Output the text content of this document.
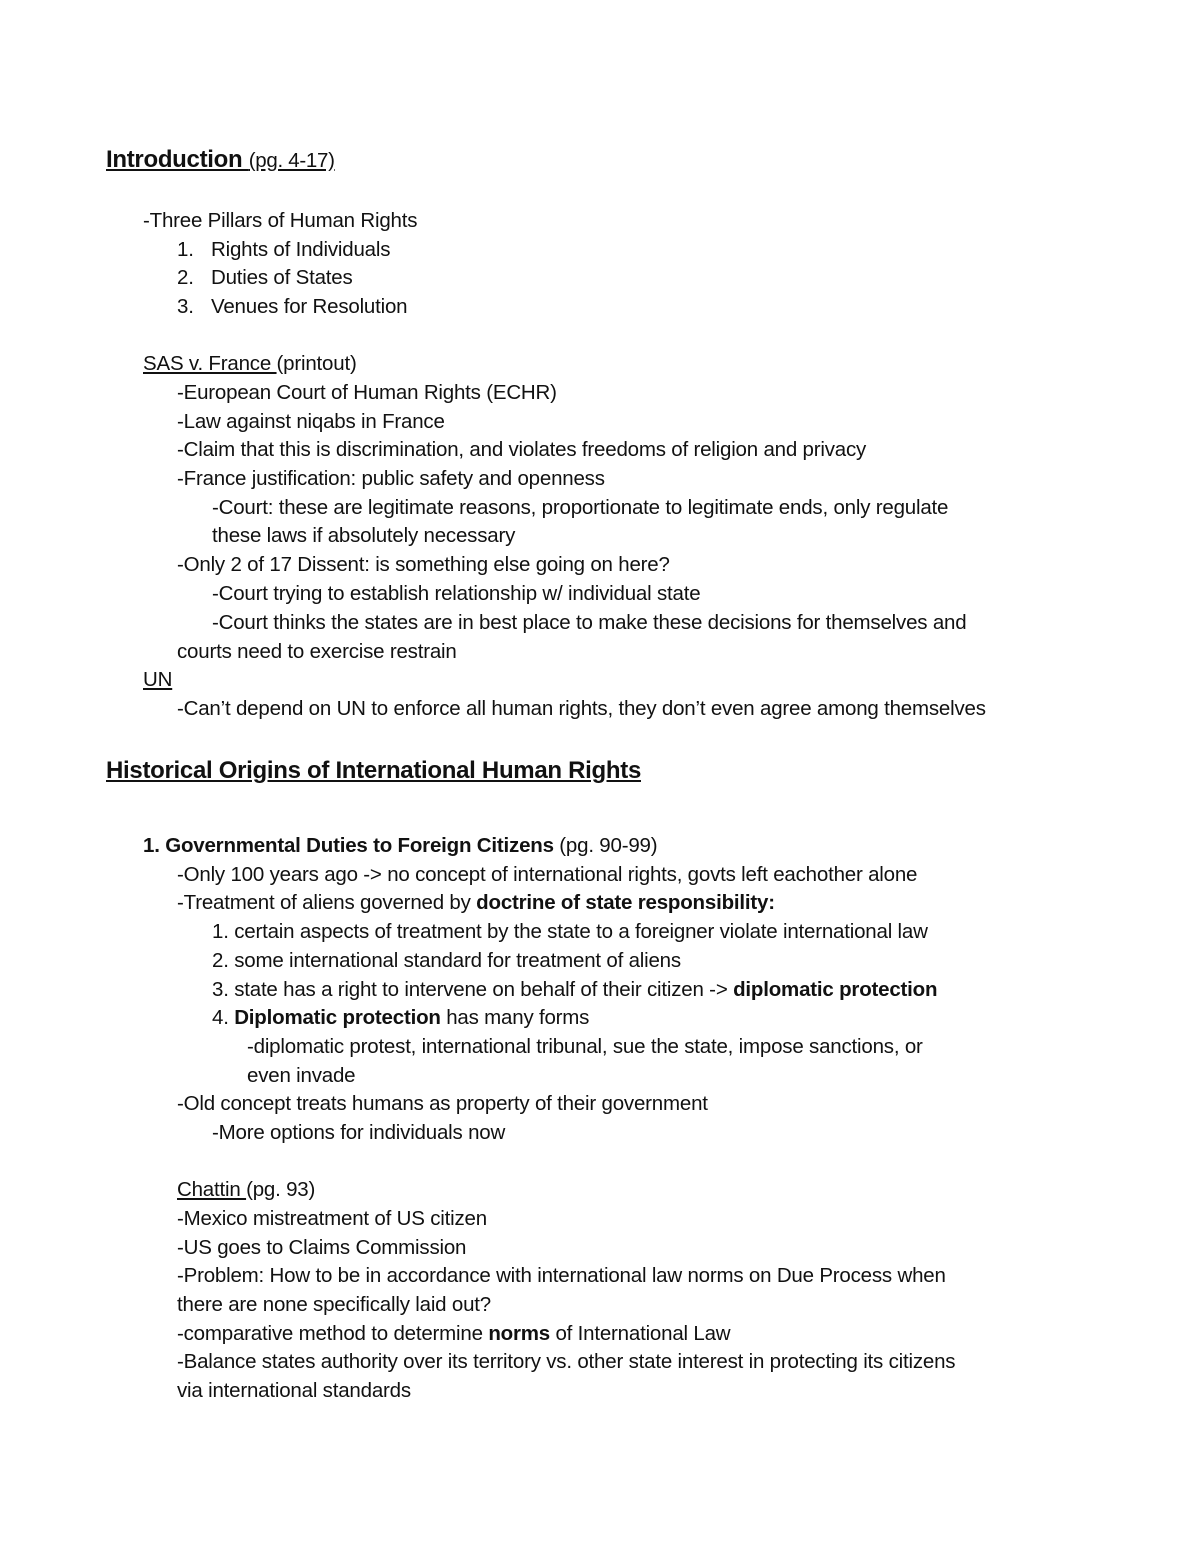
Introduction (pg. 4-17)
-Three Pillars of Human Rights
1. Rights of Individuals
2. Duties of States
3. Venues for Resolution
SAS v. France (printout)
-European Court of Human Rights (ECHR)
-Law against niqabs in France
-Claim that this is discrimination, and violates freedoms of religion and privacy
-France justification: public safety and openness
-Court: these are legitimate reasons, proportionate to legitimate ends, only regulate
these laws if absolutely necessary
-Only 2 of 17 Dissent: is something else going on here?
-Court trying to establish relationship w/ individual state
-Court thinks the states are in best place to make these decisions for themselves and
courts need to exercise restrain
UN
-Can’t depend on UN to enforce all human rights, they don’t even agree among themselves
Historical Origins of International Human Rights
1. Governmental Duties to Foreign Citizens (pg. 90-99)
-Only 100 years ago -> no concept of international rights, govts left eachother alone
-Treatment of aliens governed by doctrine of state responsibility:
1. certain aspects of treatment by the state to a foreigner violate international law
2. some international standard for treatment of aliens
3. state has a right to intervene on behalf of their citizen -> diplomatic protection
4. Diplomatic protection has many forms
-diplomatic protest, international tribunal, sue the state, impose sanctions, or
even invade
-Old concept treats humans as property of their government
-More options for individuals now
Chattin (pg. 93)
-Mexico mistreatment of US citizen
-US goes to Claims Commission
-Problem: How to be in accordance with international law norms on Due Process when
there are none specifically laid out?
-comparative method to determine norms of International Law
-Balance states authority over its territory vs. other state interest in protecting its citizens
via international standards
